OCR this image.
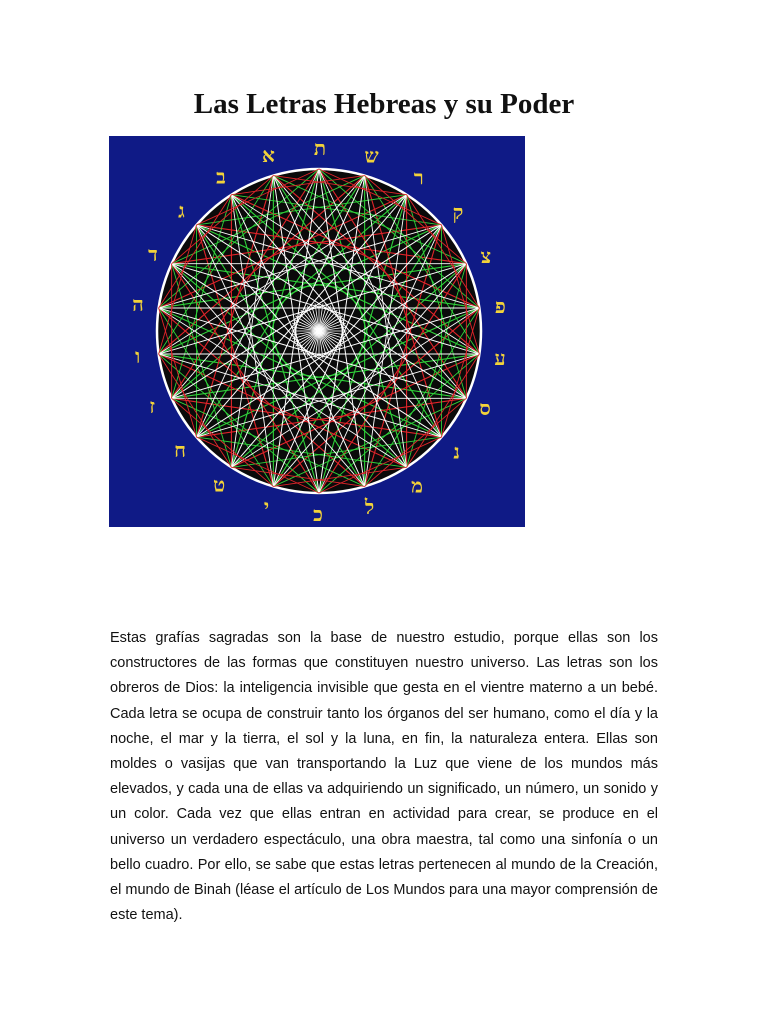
Las Letras Hebreas y su Poder
א ת ש
ר
ק
צ
פ
ע
ס
נ
מ
ל
כ
י
ט
ח
ז
ו
ה
ד
ג
ב

Estas grafías sagradas son la base de nuestro estudio, porque ellas son los constructores de las formas que constituyen nuestro universo. Las letras son los obreros de Dios: la inteligencia invisible que gesta en el vientre materno a un bebé. Cada letra se ocupa de construir tanto los órganos del ser humano, como el día y la noche, el mar y la tierra, el sol y la luna, en fin, la naturaleza entera. Ellas son moldes o vasijas que van transportando la Luz que viene de los mundos más elevados, y cada una de ellas va adquiriendo un significado, un número, un sonido y un color. Cada vez que ellas entran en actividad para crear, se produce en el universo un verdadero espectáculo, una obra maestra, tal como una sinfonía o un bello cuadro. Por ello, se sabe que estas letras pertenecen al mundo de la Creación, el mundo de Binah (léase el artículo de Los Mundos para una mayor comprensión de este tema).
